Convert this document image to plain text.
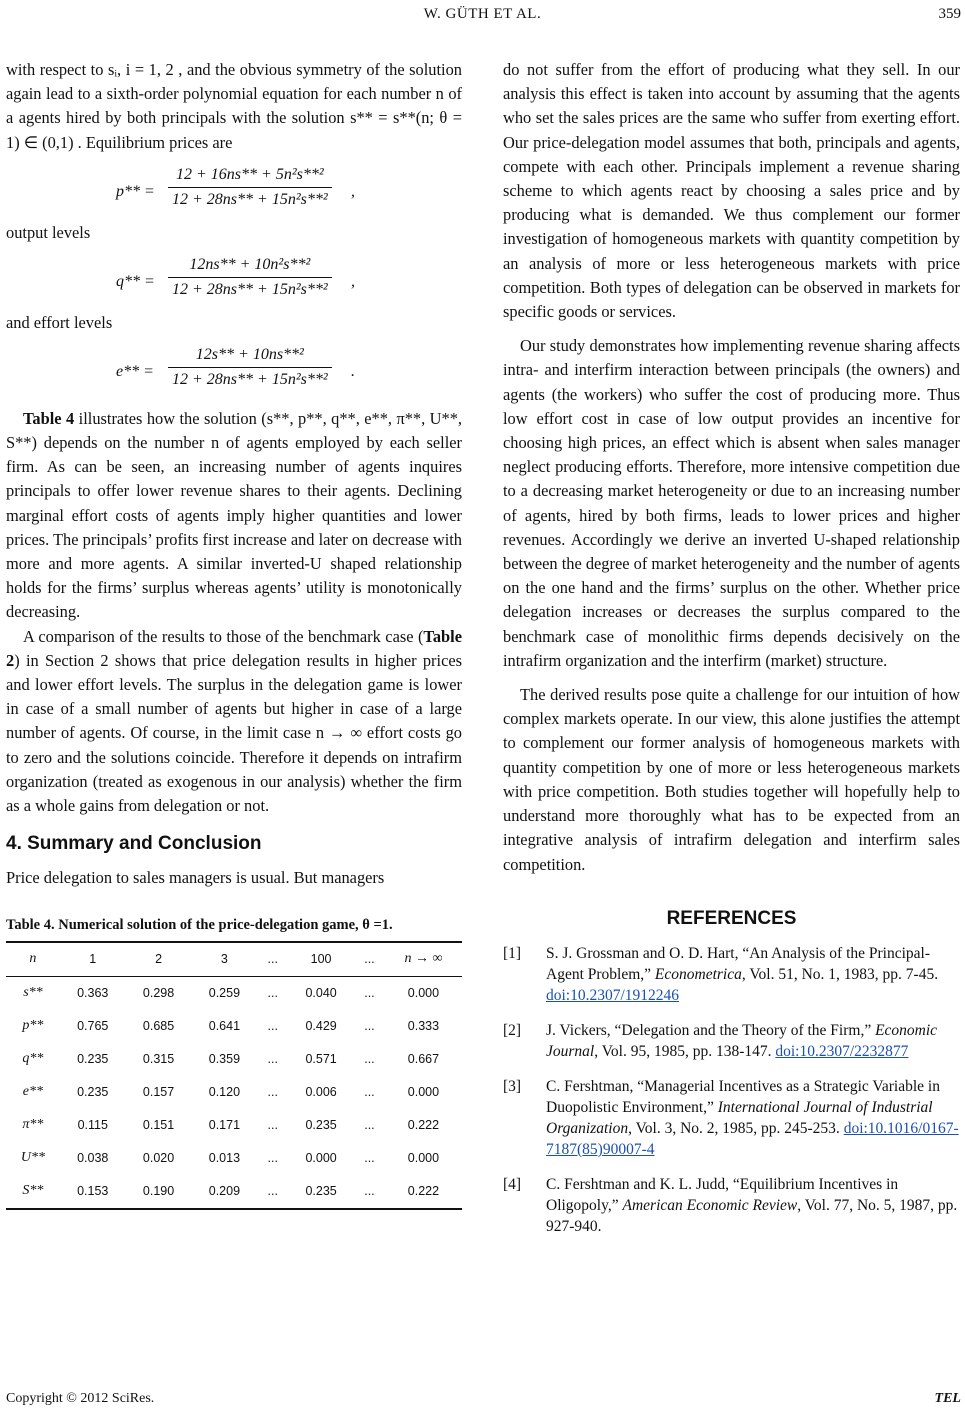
W. GÜTH ET AL.	359

with respect to sᵢ, i = 1, 2 , and the obvious symmetry of the solution again lead to a sixth-order polynomial equation for each number n of a agents hired by both principals with the solution s** = s**(n; θ = 1) ∈ (0,1) . Equilibrium prices are

$p** = \frac{\text{12 + 16ns** + 5n²s**²}}{\text{12 + 28ns** + 15n²s**²}}$ ,

output levels

$q** = \frac{\text{12ns** + 10n²s**²}}{\text{12 + 28ns** + 15n²s**²}}$ ,

and effort levels

$e** = \frac{\text{12s** + 10ns**²}}{\text{12 + 28ns** + 15n²s**²}}$ .

Table 4 illustrates how the solution (s**, p**, q**, e**, π**, U**, S**) depends on the number n of agents employed by each seller firm. As can be seen, an increasing number of agents inquires principals to offer lower revenue shares to their agents. Declining marginal effort costs of agents imply higher quantities and lower prices. The principals’ profits first increase and later on decrease with more and more agents. A similar inverted-U shaped relationship holds for the firms’ surplus whereas agents’ utility is monotonically decreasing.

A comparison of the results to those of the benchmark case (Table 2) in Section 2 shows that price delegation results in higher prices and lower effort levels. The surplus in the delegation game is lower in case of a small number of agents but higher in case of a large number of agents. Of course, in the limit case n → ∞ effort costs go to zero and the solutions coincide. Therefore it depends on intrafirm organization (treated as exogenous in our analysis) whether the firm as a whole gains from delegation or not.

4. Summary and Conclusion

Price delegation to sales managers is usual. But managers

Table 4. Numerical solution of the price-delegation game, θ =1.
n	1	2	3	...	100	...	n → ∞
s**	0.363	0.298	0.259	...	0.040	...	0.000
p**	0.765	0.685	0.641	...	0.429	...	0.333
q**	0.235	0.315	0.359	...	0.571	...	0.667
e**	0.235	0.157	0.120	...	0.006	...	0.000
π**	0.115	0.151	0.171	...	0.235	...	0.222
U**	0.038	0.020	0.013	...	0.000	...	0.000
S**	0.153	0.190	0.209	...	0.235	...	0.222

do not suffer from the effort of producing what they sell. In our analysis this effect is taken into account by assuming that the agents who set the sales prices are the same who suffer from exerting effort. Our price-delegation model assumes that both, principals and agents, compete with each other. Principals implement a revenue sharing scheme to which agents react by choosing a sales price and by producing what is demanded. We thus complement our former investigation of homogeneous markets with quantity competition by an analysis of more or less heterogeneous markets with price competition. Both types of delegation can be observed in markets for specific goods or services.

Our study demonstrates how implementing revenue sharing affects intra- and interfirm interaction between principals (the owners) and agents (the workers) who suffer the cost of producing more. Thus low effort cost in case of low output provides an incentive for choosing high prices, an effect which is absent when sales manager neglect producing efforts. Therefore, more intensive competition due to a decreasing market heterogeneity or due to an increasing number of agents, hired by both firms, leads to lower prices and higher revenues. Accordingly we derive an inverted U-shaped relationship between the degree of market heterogeneity and the number of agents on the one hand and the firms’ surplus on the other. Whether price delegation increases or decreases the surplus compared to the benchmark case of monolithic firms depends decisively on the intrafirm organization and the interfirm (market) structure.

The derived results pose quite a challenge for our intuition of how complex markets operate. In our view, this alone justifies the attempt to complement our former analysis of homogeneous markets with quantity competition by one of more or less heterogeneous markets with price competition. Both studies together will hopefully help to understand more thoroughly what has to be expected from an integrative analysis of intrafirm delegation and interfirm sales competition.

REFERENCES
[1] S. J. Grossman and O. D. Hart, “An Analysis of the Principal-Agent Problem,” Econometrica, Vol. 51, No. 1, 1983, pp. 7-45. doi:10.2307/1912246
[2] J. Vickers, “Delegation and the Theory of the Firm,” Economic Journal, Vol. 95, 1985, pp. 138-147. doi:10.2307/2232877
[3] C. Fershtman, “Managerial Incentives as a Strategic Variable in Duopolistic Environment,” International Journal of Industrial Organization, Vol. 3, No. 2, 1985, pp. 245-253. doi:10.1016/0167-7187(85)90007-4
[4] C. Fershtman and K. L. Judd, “Equilibrium Incentives in Oligopoly,” American Economic Review, Vol. 77, No. 5, 1987, pp. 927-940.
Copyright © 2012 SciRes.	TEL
